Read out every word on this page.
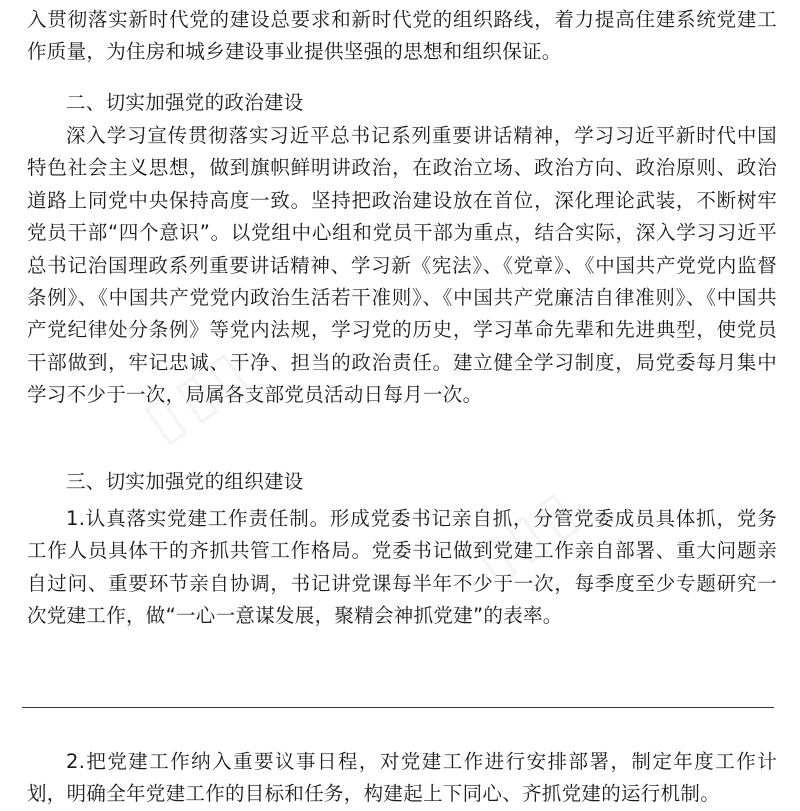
▯▯▯
▯▯▯

入贯彻落实新时代党的建设总要求和新时代党的组织路线，着力提高住建系统党建工作质量，为住房和城乡建设事业提供坚强的思想和组织保证。

二、切实加强党的政治建设

深入学习宣传贯彻落实习近平总书记系列重要讲话精神，学习习近平新时代中国特色社会主义思想，做到旗帜鲜明讲政治，在政治立场、政治方向、政治原则、政治道路上同党中央保持高度一致。坚持把政治建设放在首位，深化理论武装，不断树牢党员干部“四个意识”。以党组中心组和党员干部为重点，结合实际，深入学习习近平总书记治国理政系列重要讲话精神、学习新《宪法》、《党章》、《中国共产党党内监督条例》、《中国共产党党内政治生活若干准则》、《中国共产党廉洁自律准则》、《中国共产党纪律处分条例》等党内法规，学习党的历史，学习革命先辈和先进典型，使党员干部做到，牢记忠诚、干净、担当的政治责任。建立健全学习制度，局党委每月集中学习不少于一次，局属各支部党员活动日每月一次。

三、切实加强党的组织建设

1.认真落实党建工作责任制。形成党委书记亲自抓，分管党委成员具体抓，党务工作人员具体干的齐抓共管工作格局。党委书记做到党建工作亲自部署、重大问题亲自过问、重要环节亲自协调，书记讲党课每半年不少于一次，每季度至少专题研究一次党建工作，做“一心一意谋发展，聚精会神抓党建”的表率。

2.把党建工作纳入重要议事日程，对党建工作进行安排部署，制定年度工作计划，明确全年党建工作的目标和任务，构建起上下同心、齐抓党建的运行机制。
